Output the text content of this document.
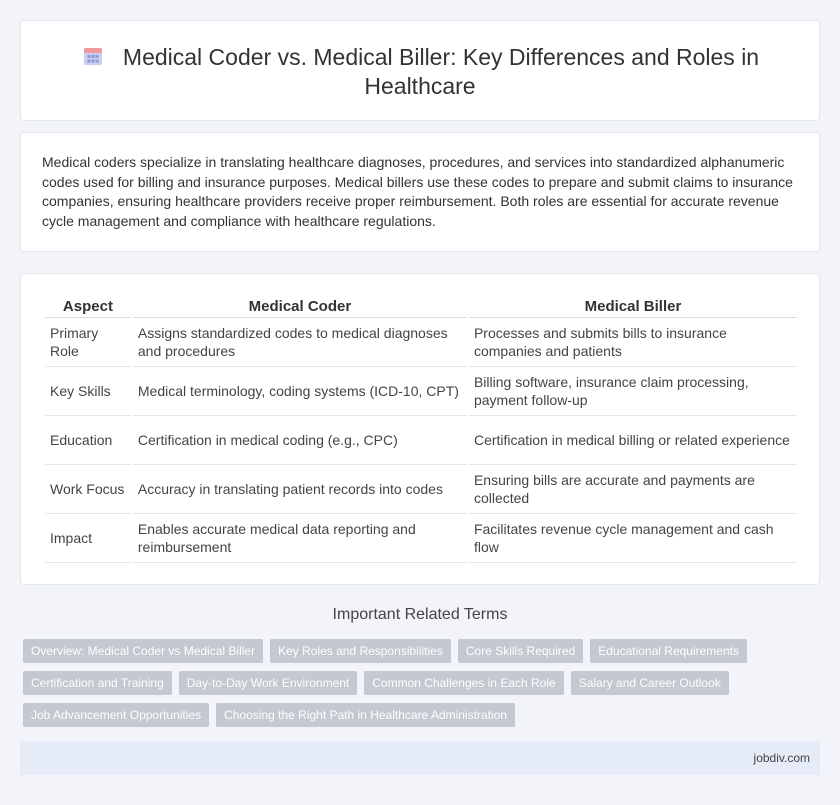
Medical Coder vs. Medical Biller: Key Differences and Roles in Healthcare

Medical coders specialize in translating healthcare diagnoses, procedures, and services into standardized alphanumeric codes used for billing and insurance purposes. Medical billers use these codes to prepare and submit claims to insurance companies, ensuring healthcare providers receive proper reimbursement. Both roles are essential for accurate revenue cycle management and compliance with healthcare regulations.

Aspect	Medical Coder	Medical Biller
Primary Role	Assigns standardized codes to medical diagnoses and procedures	Processes and submits bills to insurance companies and patients
Key Skills	Medical terminology, coding systems (ICD-10, CPT)	Billing software, insurance claim processing, payment follow-up
Education	Certification in medical coding (e.g., CPC)	Certification in medical billing or related experience
Work Focus	Accuracy in translating patient records into codes	Ensuring bills are accurate and payments are collected
Impact	Enables accurate medical data reporting and reimbursement	Facilitates revenue cycle management and cash flow
Important Related Terms
Overview: Medical Coder vs Medical Biller	Key Roles and Responsibilities	Core Skills Required	Educational Requirements
Certification and Training	Day-to-Day Work Environment	Common Challenges in Each Role	Salary and Career Outlook
Job Advancement Opportunities	Choosing the Right Path in Healthcare Administration
jobdiv.com
